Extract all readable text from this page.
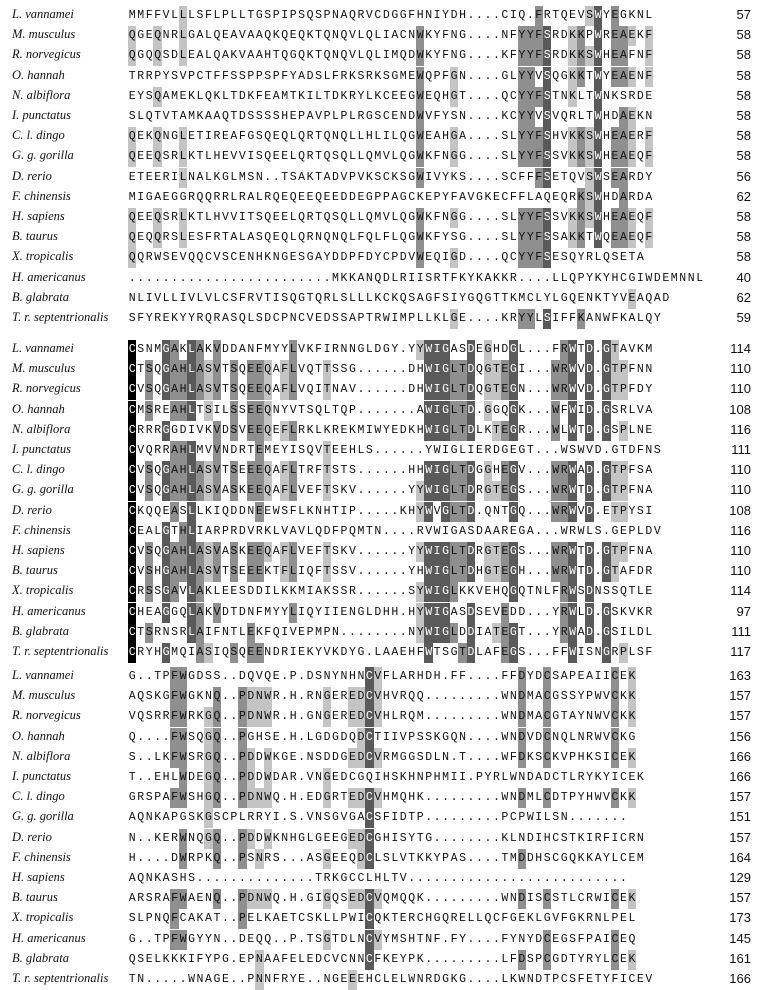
L. vannamei	M M F F V L L L S F L P L L T G S P I P S Q S P N A Q R V C D G G F H N I Y D H . . . . C I Q . F R T Q E V S W Y E G K N L	57
M. musculus	Q G E Q N R L G A L Q E A V A A Q K Q E Q K T Q N Q V L Q L I A C N W K Y F N G . . . . N F Y Y F S R D K K P W R E A E K F	58
R. norvegicus	Q G Q Q S D L E A L Q A K V A A H T Q G Q K T Q N Q V L Q L I M Q D W K Y F N G . . . . K F Y Y F S R D K K S W H E A F N F	58
O. hannah	T R R P Y S V P C T F F S S P P S P F Y A D S L F R K S R K S G M E W Q P F G N . . . . G L Y Y V S Q G K K T W Y E A E N F	58
N. albiflora	E Y S Q A M E K L Q K L T D K F E A M T K I L T D K R Y L K C E E G W E Q H G T . . . . Q C Y Y F S T N K L T W N K S R D E	58
I. punctatus	S L Q T V T A M K A A Q T D S S S S H E P A V P L P L R G S C E N D W V F Y S N . . . . K C Y Y V S V Q R L T W H D A E K N	58
C. l. dingo	Q E K Q N G L E T I R E A F G S Q E Q L Q R T Q N Q L L H L I L Q G W E A H G A . . . . S L Y Y F S H V K K S W H E A E R F	58
G. g. gorilla	Q E E Q S R L K T L H E V V I S Q E E L Q R T Q S Q L L Q M V L Q G W K F N G G . . . . S L Y Y F S S V K K S W H E A E Q F	58
D. rerio	E T E E R I L N A L K G L M S N . . T S A K T A D V P V K S C K S G W I V Y K S . . . . S C F F F S E T Q V S W S E A R D Y	56
F. chinensis	M I G A E G G R Q Q R R L R A L R Q E Q E E Q E E D D E G P P A G C K E P Y F A V G K E C F F L A Q E Q R K S W H D A R D A	62
H. sapiens	Q E E Q S R L K T L H V V I T S Q E E L Q R T Q S Q L L Q M V L Q G W K F N G G . . . . S L Y Y F S S V K K S W H E A E Q F	58
B. taurus	Q E Q Q R S L E S F R T A L A S Q E Q L Q R N Q N Q L F Q L F L Q G W K F Y S G . . . . S L Y Y F S S A K K T W Q E A E Q F	58
X. tropicalis	Q Q R W S E V Q Q C V S C E N H K N G E S G A Y D D P F D Y C P D V W E Q I G D . . . . Q C Y Y F S E S Q Y R L Q S E T A	58
H. americanus	. . . . . . . . . . . . . . . . . . . . . . . . M K K A N Q D L R I I S R T F K Y K A K K R . . . . L L Q P Y K Y H C G I W D E M N N L	40
B. glabrata	N L I V L L I V L V L C S F R V T I S Q G T Q R L S L L L K C K Q S A G F S I Y G Q G T T K M C L Y L G Q E N K T Y V E A Q A D	62
T. r. septentrionalis S F Y R E K Y Y R Q R A S Q L S D C P N C V E D S S A P T R W I M P L L K L G E . . . . K R Y Y L S I F F K A N W F K A L Q Y	59
L. vannamei	C S N M G A K L A K V D D A N F M Y Y L V K F I R N N G L D G Y . Y Y W I G A S D E G H D G L . . . F R W T D . G T A V K M	114
M. musculus	C T S Q G A H L A S V T S Q E E Q A F L V Q T T S S G . . . . . . D H W I G L T D Q G T E G I . . . W R W V D . G T P F N N	110
R. norvegicus	C V S Q G A H L A S V T S Q E E Q A F L V Q I T N A V . . . . . . D H W I G L T D Q G T E G N . . . W R W V D . G T P F D Y	110
O. hannah	C M S R E A H L T S I L S S E E Q N Y V T S Q L T Q P . . . . . . . A W I G L T D . G G Q G K . . . W F W I D . G S R L V A	108
N. albiflora	C R R R G G D I V K V D S V E E Q E F L R K L K R E K M I W Y E D K H W I G L T D L K T E G R . . . W L W T D . G S P L N E	116
I. punctatus	C V Q R R A H L M V V N D R T E M E Y I S Q V T E E H L S . . . . . . Y W I G L I E R D G E G T . . . W S W V D . G T D F N S	111
C. l. dingo	C V S Q G A H L A S V T S E E E Q A F L T R F T S T S . . . . . . H H W I G L T D G G H E G V . . . W R W A D . G T P F S A	110
G. g. gorilla	C V S Q G A H L A S V A S K E E Q A F L V E F T S K V . . . . . . Y Y W I G L T D R G T E G S . . . W R W T D . G T P F N A	110
D. rerio	C K Q Q E A S L L K I Q D D N E E W S F L K N H T I P . . . . . K H Y W V G L T D . Q N T G Q . . . W R W V D . E T P Y S I	108
F. chinensis	C E A L G T H L I A R P R D V R K L V A V L Q D F P Q M T N . . . . R V W I G A S D A A R E G A . . . W R W L S . G E P L D V	116
H. sapiens	C V S Q G A H L A S V A S K E E Q A F L V E F T S K V . . . . . . Y Y W I G L T D R G T E G S . . . W R W T D . G T P F N A	110
B. taurus	C V S H G A H L A S V T S E E E K T F L I Q F T S S V . . . . . . Y H W I G L T D H G T E G H . . . W R W T D . G T A F D R	110
X. tropicalis	C R S S G A V L A K L E E S D D I L K K M I A K S S R . . . . . . S Y W I G L K K V E H Q G Q T N L F R W S D N S S Q T L E	114
H. americanus	C H E A G G Q L A K V D T D N F M Y Y L I Q Y I I E N G L D H H . H Y W I G A S D S E V E D D . . . Y R W L D . G S K V K R	97
B. glabrata	C T S R N S R L A I F N T L E K F Q I V E P M P N . . . . . . . . N Y W I G L D D I A T E G T . . . Y R W A D . G S I L D L	111
T. r. septentrionalis C R Y H G M Q I A S I Q S Q E E N D R I E K Y V K D Y G . L A A E H F W T S G T D L A F E G S . . . F F W I S N G R P L S F	117
L. vannamei	G . . T P F W G D S S . . D Q V Q E . P . D S N Y N H N C V F L A R H D H . F F . . . . F F D Y D C S A P E A I I C E K	163
M. musculus	A Q S K G F W G K N Q . . P D N W R . H . R N G E R E D C V H V R Q Q . . . . . . . . . W N D M A C G S S Y P W V C K K	157
R. norvegicus	V Q S R R F W R K G Q . . P D N W R . H . G N G E R E D C V H L R Q M . . . . . . . . . W N D M A C G T A Y N W V C K K	157
O. hannah	Q . . . . F W S Q G Q . . P G H S E . H . L G D G D Q D C T I I V P S S K G Q N . . . . W N D V D C N Q L N R W V C K G	156
N. albiflora	S . . L K F W S R G Q . . P D D W K G E . N S D D G E D C V R M G G S D L N . T . . . . W F D K S C K V P H K S I C E K	166
I. punctatus	T . . E H L W D E G Q . . P D D W D A R . V N G E D C G Q I H S K H N P H M I I . P Y R L W N D A D C T L R Y K Y I C E K	166
C. l. dingo	G R S P A F W S H G Q . . P D N W Q . H . E D G R T E D C V H M Q H K . . . . . . . . . W N D M L C D T P Y H W V C K K	157
G. g. gorilla	A Q N K A P G S K G S C P L R R Y I . S . V N S G V G A C S F I D T P . . . . . . . . . P C P W I L S N . . . . . . .	151
D. rerio	N . . K E R W N Q G Q . . P D D W K N H G L G E E G E D C G H I S Y T G . . . . . . . . K L N D I H C S T K I R F I C R N	157
F. chinensis	H . . . . D W R P K Q . . P S N R S . . . A S G E E Q D C L S L V T K K Y P A S . . . . T M D D H S C G Q K K A Y L C E M	164
H. sapiens	A Q N K A S H S . . . . . . . . . . . . . . T R K G C C L H L T V . . . . . . . . . . . . . . . . . . . . . . . . . .	129
B. taurus	A R S R A F W A E N Q . . P D N W Q . H . G I G Q S E D C V Q M Q Q K . . . . . . . . . W N D I S C S T L C R W I C E K	157
X. tropicalis	S L P N Q F C A K A T . . P E L K A E T C S K L L P W I C Q K T E R C H G Q R E L L Q C F G E K L G V F G K R N L P E L	173
H. americanus	G . . T P F W G Y Y N . . D E Q Q . . P . T S G T D L N C V Y M S H T N F . F Y . . . . F Y N Y D C E G S F P A I C E Q	145
B. glabrata	Q S E L K K K I F Y P G . E P N A A F E L E D C V C N N C F K E Y P K . . . . . . . . . L F D S P C G D T Y R Y L C E K	161
T. r. septentrionalis T N . . . . . W N A G E . . P N N F R Y E . . N G E E E H C L E L W N R D G K G . . . . L K W N D T P C S F E T Y F I C E V	166
